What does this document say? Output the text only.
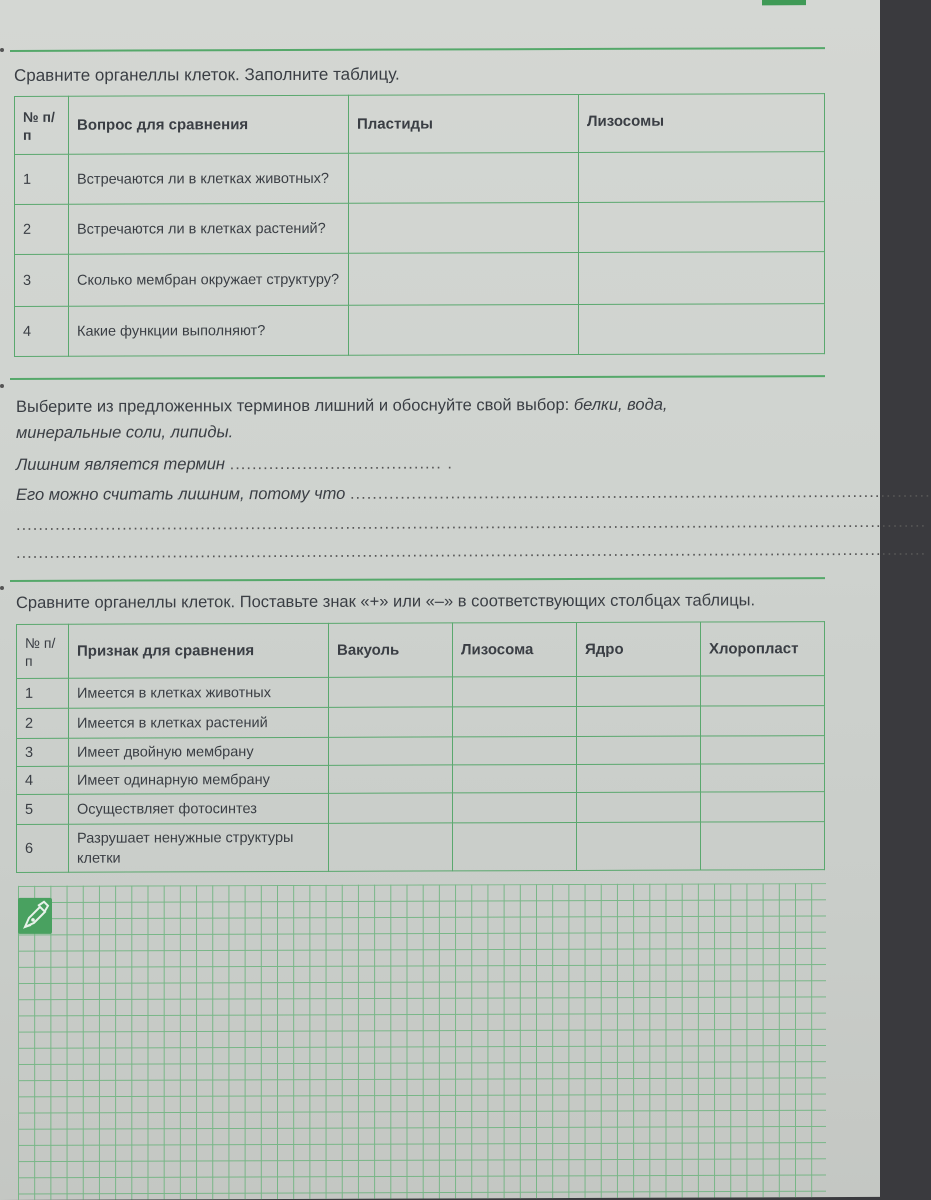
Сравните органеллы клеток. Заполните таблицу.
№ п/п	Вопрос для сравнения	Пластиды	Лизосомы
1	Встречаются ли в клетках животных?		
2	Встречаются ли в клетках растений?		
3	Сколько мембран окружает структуру?		
4	Какие функции выполняют?		
Выберите из предложенных терминов лишний и обоснуйте свой выбор: белки, вода,
минеральные соли, липиды.
Лишним является термин ...................................... .
Его можно считать лишним, потому что ........................................................................................................
...................................................................................................................................................................
...................................................................................................................................................................
Сравните органеллы клеток. Поставьте знак «+» или «–» в соответствующих столбцах таблицы.
№ п/п	Признак для сравнения	Вакуоль	Лизосома	Ядро	Хлоропласт
1	Имеется в клетках животных				
2	Имеется в клетках растений				
3	Имеет двойную мембрану				
4	Имеет одинарную мембрану				
5	Осуществляет фотосинтез				
6	Разрушает ненужные структуры клетки				
